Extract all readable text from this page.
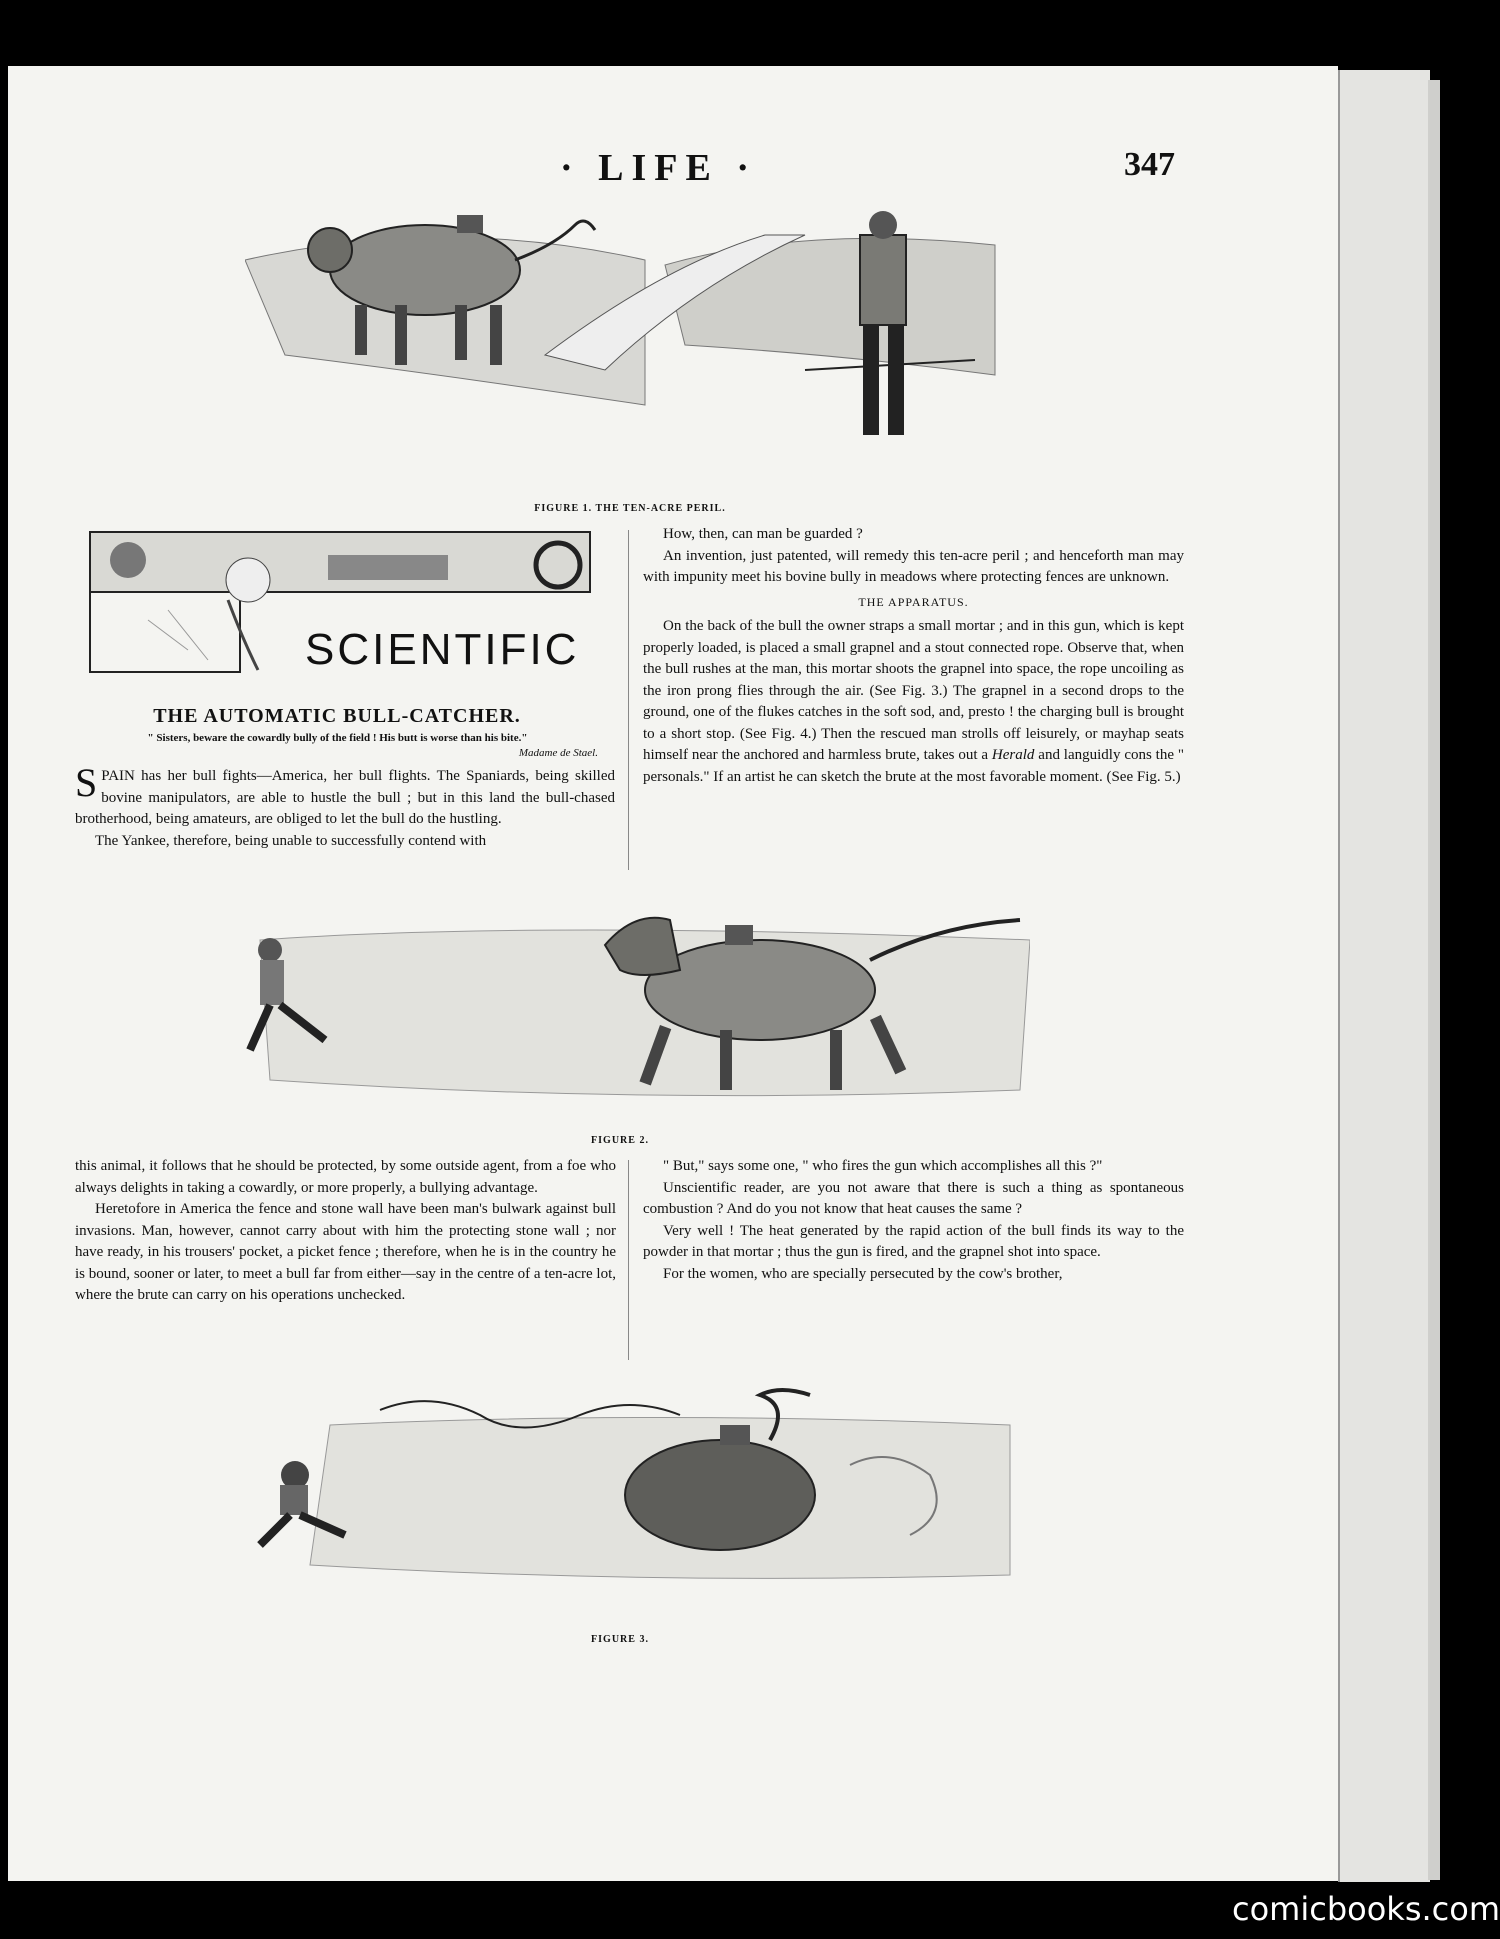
· LIFE ·	347
FIGURE 1. THE TEN-ACRE PERIL.
SCIENTIFIC
THE AUTOMATIC BULL-CATCHER.
" Sisters, beware the cowardly bully of the field ! His butt is worse than his bite."
Madame de Stael.

SPAIN has her bull fights—America, her bull flights. The Spaniards, being skilled bovine manipulators, are able to hustle the bull ; but in this land the bull-chased brotherhood, being amateurs, are obliged to let the bull do the hustling.

The Yankee, therefore, being unable to successfully contend with

How, then, can man be guarded ?

An invention, just patented, will remedy this ten-acre peril ; and henceforth man may with impunity meet his bovine bully in meadows where protecting fences are unknown.

THE APPARATUS.

On the back of the bull the owner straps a small mortar ; and in this gun, which is kept properly loaded, is placed a small grapnel and a stout connected rope. Observe that, when the bull rushes at the man, this mortar shoots the grapnel into space, the rope uncoiling as the iron prong flies through the air. (See Fig. 3.) The grapnel in a second drops to the ground, one of the flukes catches in the soft sod, and, presto ! the charging bull is brought to a short stop. (See Fig. 4.) Then the rescued man strolls off leisurely, or mayhap seats himself near the anchored and harmless brute, takes out a Herald and languidly cons the " personals." If an artist he can sketch the brute at the most favorable moment. (See Fig. 5.)

FIGURE 2.

this animal, it follows that he should be protected, by some outside agent, from a foe who always delights in taking a cowardly, or more properly, a bullying advantage.

Heretofore in America the fence and stone wall have been man's bulwark against bull invasions. Man, however, cannot carry about with him the protecting stone wall ; nor have ready, in his trousers' pocket, a picket fence ; therefore, when he is in the country he is bound, sooner or later, to meet a bull far from either—say in the centre of a ten-acre lot, where the brute can carry on his operations unchecked.

" But," says some one, " who fires the gun which accomplishes all this ?"

Unscientific reader, are you not aware that there is such a thing as spontaneous combustion ? And do you not know that heat causes the same ?

Very well ! The heat generated by the rapid action of the bull finds its way to the powder in that mortar ; thus the gun is fired, and the grapnel shot into space.

For the women, who are specially persecuted by the cow's brother,

FIGURE 3.
comicbooks.com
